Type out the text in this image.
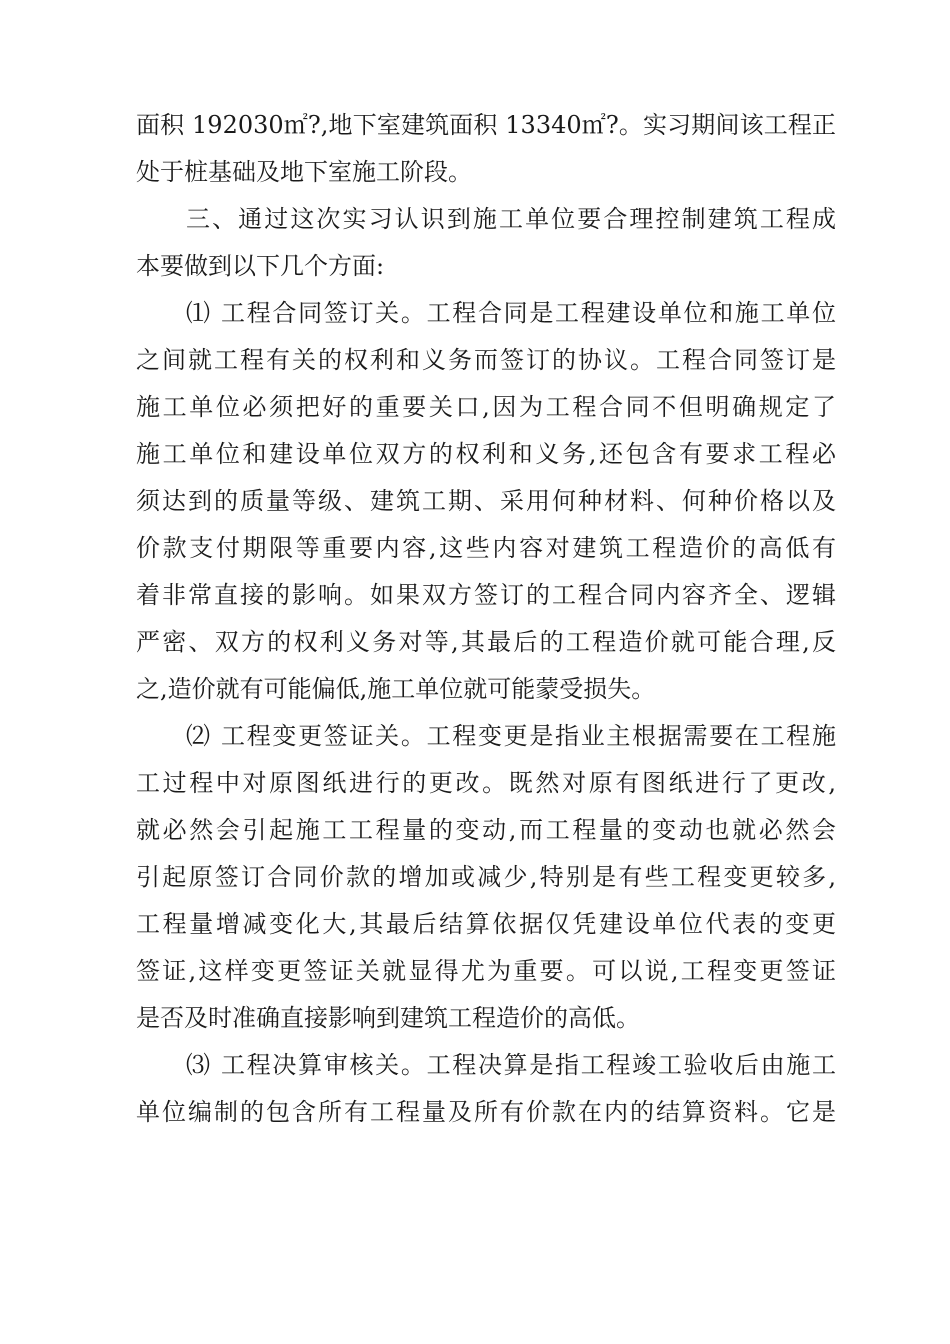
面积 192030㎡?,地下室建筑面积 13340㎡?。实习期间该工程正
处于桩基础及地下室施工阶段。
三、通过这次实习认识到施工单位要合理控制建筑工程成
本要做到以下几个方面:
⑴ 工程合同签订关。工程合同是工程建设单位和施工单位
之间就工程有关的权利和义务而签订的协议。工程合同签订是
施工单位必须把好的重要关口,因为工程合同不但明确规定了
施工单位和建设单位双方的权利和义务,还包含有要求工程必
须达到的质量等级、建筑工期、采用何种材料、何种价格以及
价款支付期限等重要内容,这些内容对建筑工程造价的高低有
着非常直接的影响。如果双方签订的工程合同内容齐全、逻辑
严密、双方的权利义务对等,其最后的工程造价就可能合理,反
之,造价就有可能偏低,施工单位就可能蒙受损失。
⑵ 工程变更签证关。工程变更是指业主根据需要在工程施
工过程中对原图纸进行的更改。既然对原有图纸进行了更改,
就必然会引起施工工程量的变动,而工程量的变动也就必然会
引起原签订合同价款的增加或减少,特别是有些工程变更较多,
工程量增减变化大,其最后结算依据仅凭建设单位代表的变更
签证,这样变更签证关就显得尤为重要。可以说,工程变更签证
是否及时准确直接影响到建筑工程造价的高低。
⑶ 工程决算审核关。工程决算是指工程竣工验收后由施工
单位编制的包含所有工程量及所有价款在内的结算资料。它是
